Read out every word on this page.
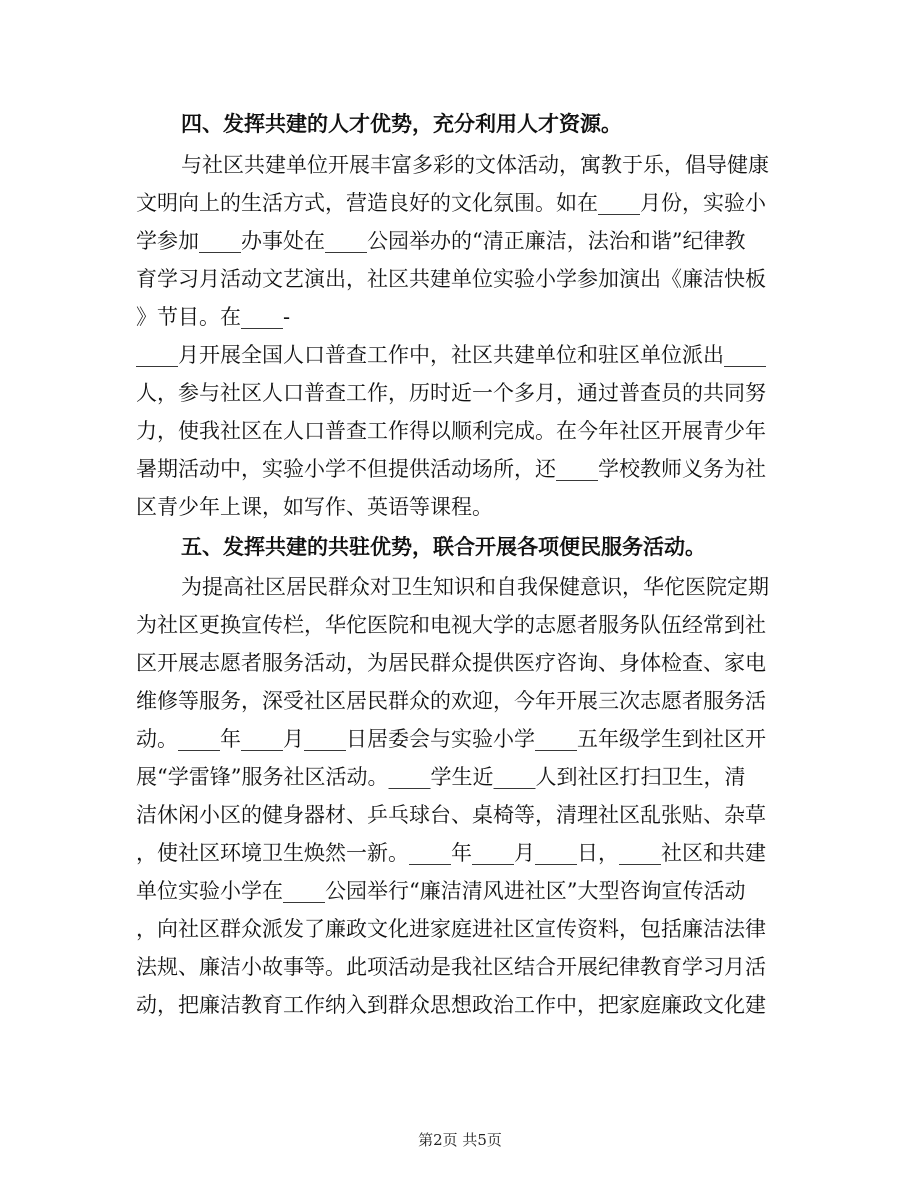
四、发挥共建的人才优势，充分利用人才资源。
与社区共建单位开展丰富多彩的文体活动，寓教于乐，倡导健康
文明向上的生活方式，营造良好的文化氛围。如在____月份，实验小
学参加____办事处在____公园举办的“清正廉洁，法治和谐”纪律教
育学习月活动文艺演出，社区共建单位实验小学参加演出《廉洁快板
》节目。在____-
____月开展全国人口普查工作中，社区共建单位和驻区单位派出____
人，参与社区人口普查工作，历时近一个多月，通过普查员的共同努
力，使我社区在人口普查工作得以顺利完成。在今年社区开展青少年
暑期活动中，实验小学不但提供活动场所，还____学校教师义务为社
区青少年上课，如写作、英语等课程。
五、发挥共建的共驻优势，联合开展各项便民服务活动。
为提高社区居民群众对卫生知识和自我保健意识，华佗医院定期
为社区更换宣传栏，华佗医院和电视大学的志愿者服务队伍经常到社
区开展志愿者服务活动，为居民群众提供医疗咨询、身体检查、家电
维修等服务，深受社区居民群众的欢迎，今年开展三次志愿者服务活
动。____年____月____日居委会与实验小学____五年级学生到社区开
展“学雷锋”服务社区活动。____学生近____人到社区打扫卫生，清
洁休闲小区的健身器材、乒乓球台、桌椅等，清理社区乱张贴、杂草
，使社区环境卫生焕然一新。____年____月____日，____社区和共建
单位实验小学在____公园举行“廉洁清风进社区”大型咨询宣传活动
，向社区群众派发了廉政文化进家庭进社区宣传资料，包括廉洁法律
法规、廉洁小故事等。此项活动是我社区结合开展纪律教育学习月活
动，把廉洁教育工作纳入到群众思想政治工作中，把家庭廉政文化建
第2页 共5页
